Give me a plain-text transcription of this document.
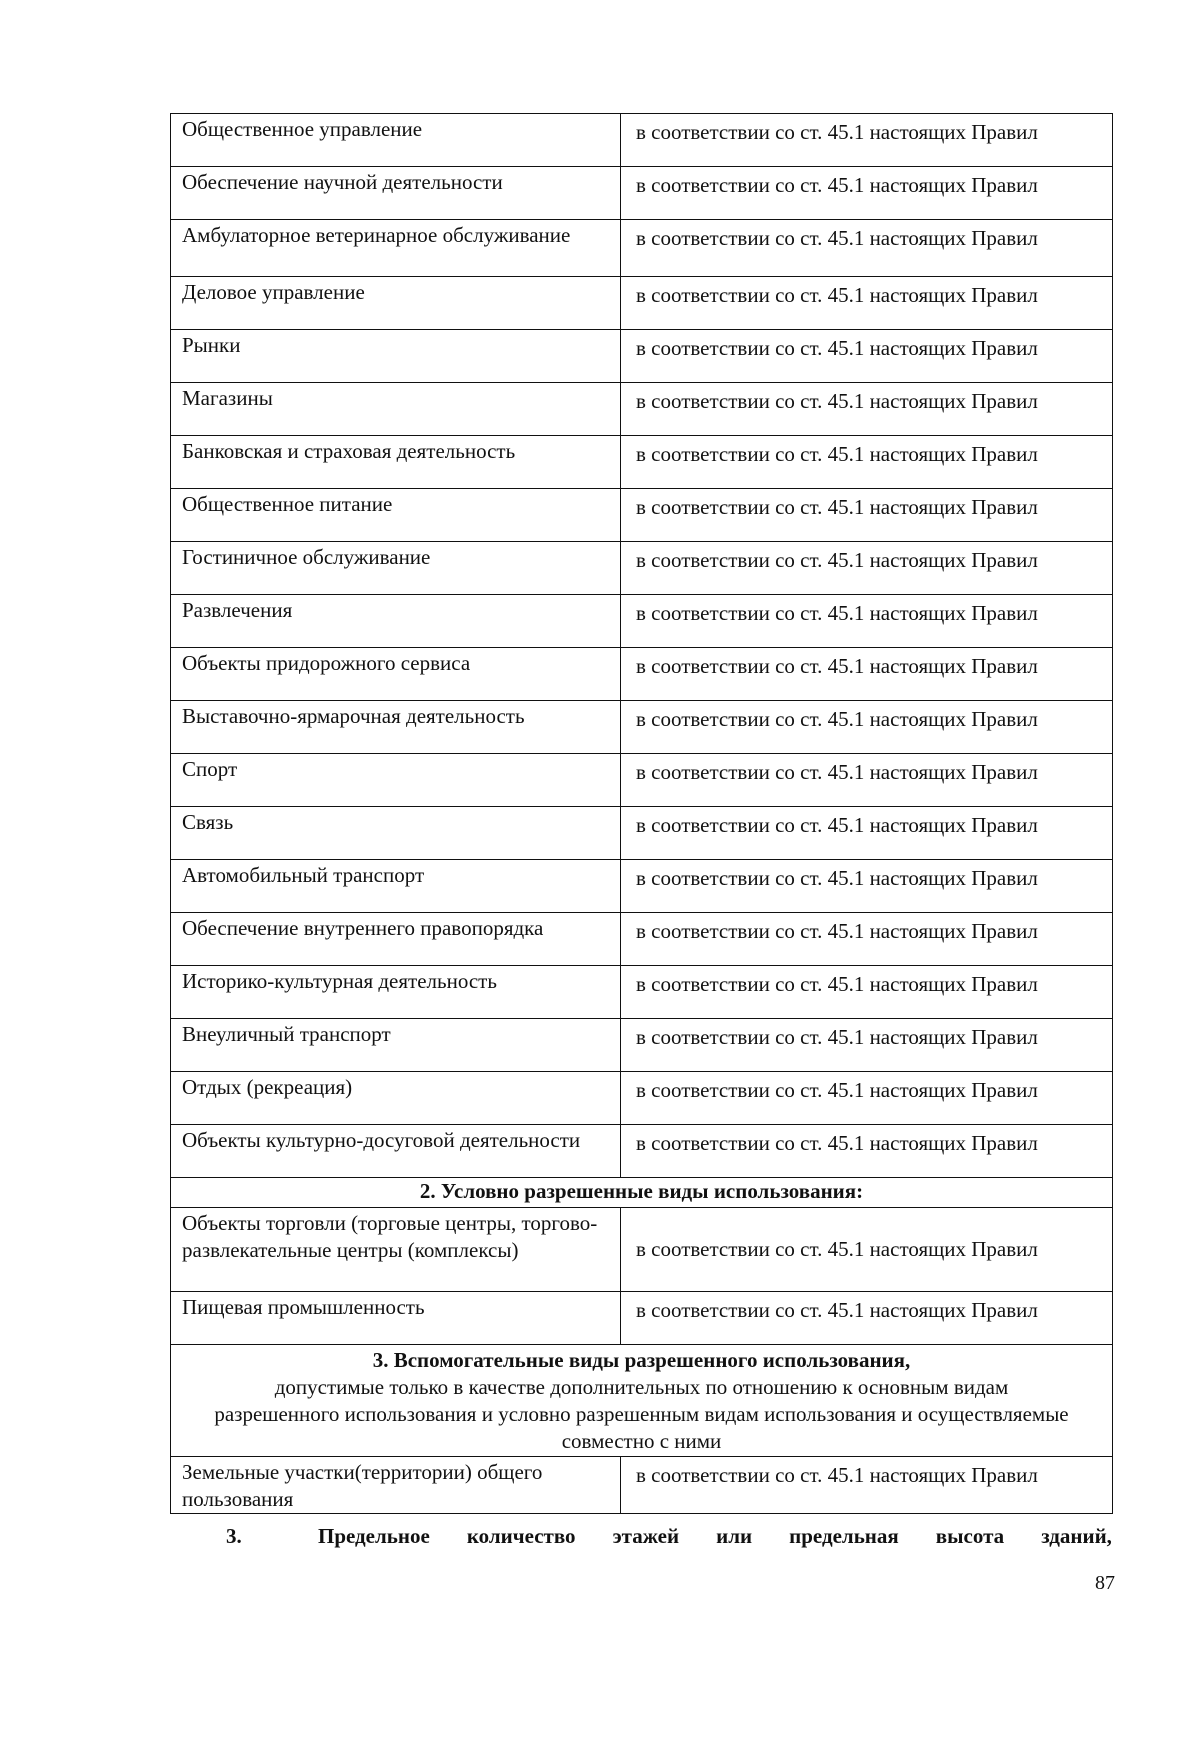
Общественное управление	в соответствии со ст. 45.1 настоящих Правил
Обеспечение научной деятельности	в соответствии со ст. 45.1 настоящих Правил
Амбулаторное ветеринарное обслуживание	в соответствии со ст. 45.1 настоящих Правил
Деловое управление	в соответствии со ст. 45.1 настоящих Правил
Рынки	в соответствии со ст. 45.1 настоящих Правил
Магазины	в соответствии со ст. 45.1 настоящих Правил
Банковская и страховая деятельность	в соответствии со ст. 45.1 настоящих Правил
Общественное питание	в соответствии со ст. 45.1 настоящих Правил
Гостиничное обслуживание	в соответствии со ст. 45.1 настоящих Правил
Развлечения	в соответствии со ст. 45.1 настоящих Правил
Объекты придорожного сервиса	в соответствии со ст. 45.1 настоящих Правил
Выставочно-ярмарочная деятельность	в соответствии со ст. 45.1 настоящих Правил
Спорт	в соответствии со ст. 45.1 настоящих Правил
Связь	в соответствии со ст. 45.1 настоящих Правил
Автомобильный транспорт	в соответствии со ст. 45.1 настоящих Правил
Обеспечение внутреннего правопорядка	в соответствии со ст. 45.1 настоящих Правил
Историко-культурная деятельность	в соответствии со ст. 45.1 настоящих Правил
Внеуличный транспорт	в соответствии со ст. 45.1 настоящих Правил
Отдых (рекреация)	в соответствии со ст. 45.1 настоящих Правил
Объекты культурно-досуговой деятельности	в соответствии со ст. 45.1 настоящих Правил
2. Условно разрешенные виды использования:	
Объекты торговли (торговые центры, торгово-развлекательные центры (комплексы)	в соответствии со ст. 45.1 настоящих Правил
Пищевая промышленность	в соответствии со ст. 45.1 настоящих Правил

3. Вспомогательные виды разрешенного использования,
допустимые только в качестве дополнительных по отношению к основным видам разрешенного использования и условно разрешенным видам использования и осуществляемые совместно с ними	

Земельные участки(территории) общего пользования	в соответствии со ст. 45.1 настоящих Правил
3.	Предельное количество этажей или предельная высота зданий,
87
